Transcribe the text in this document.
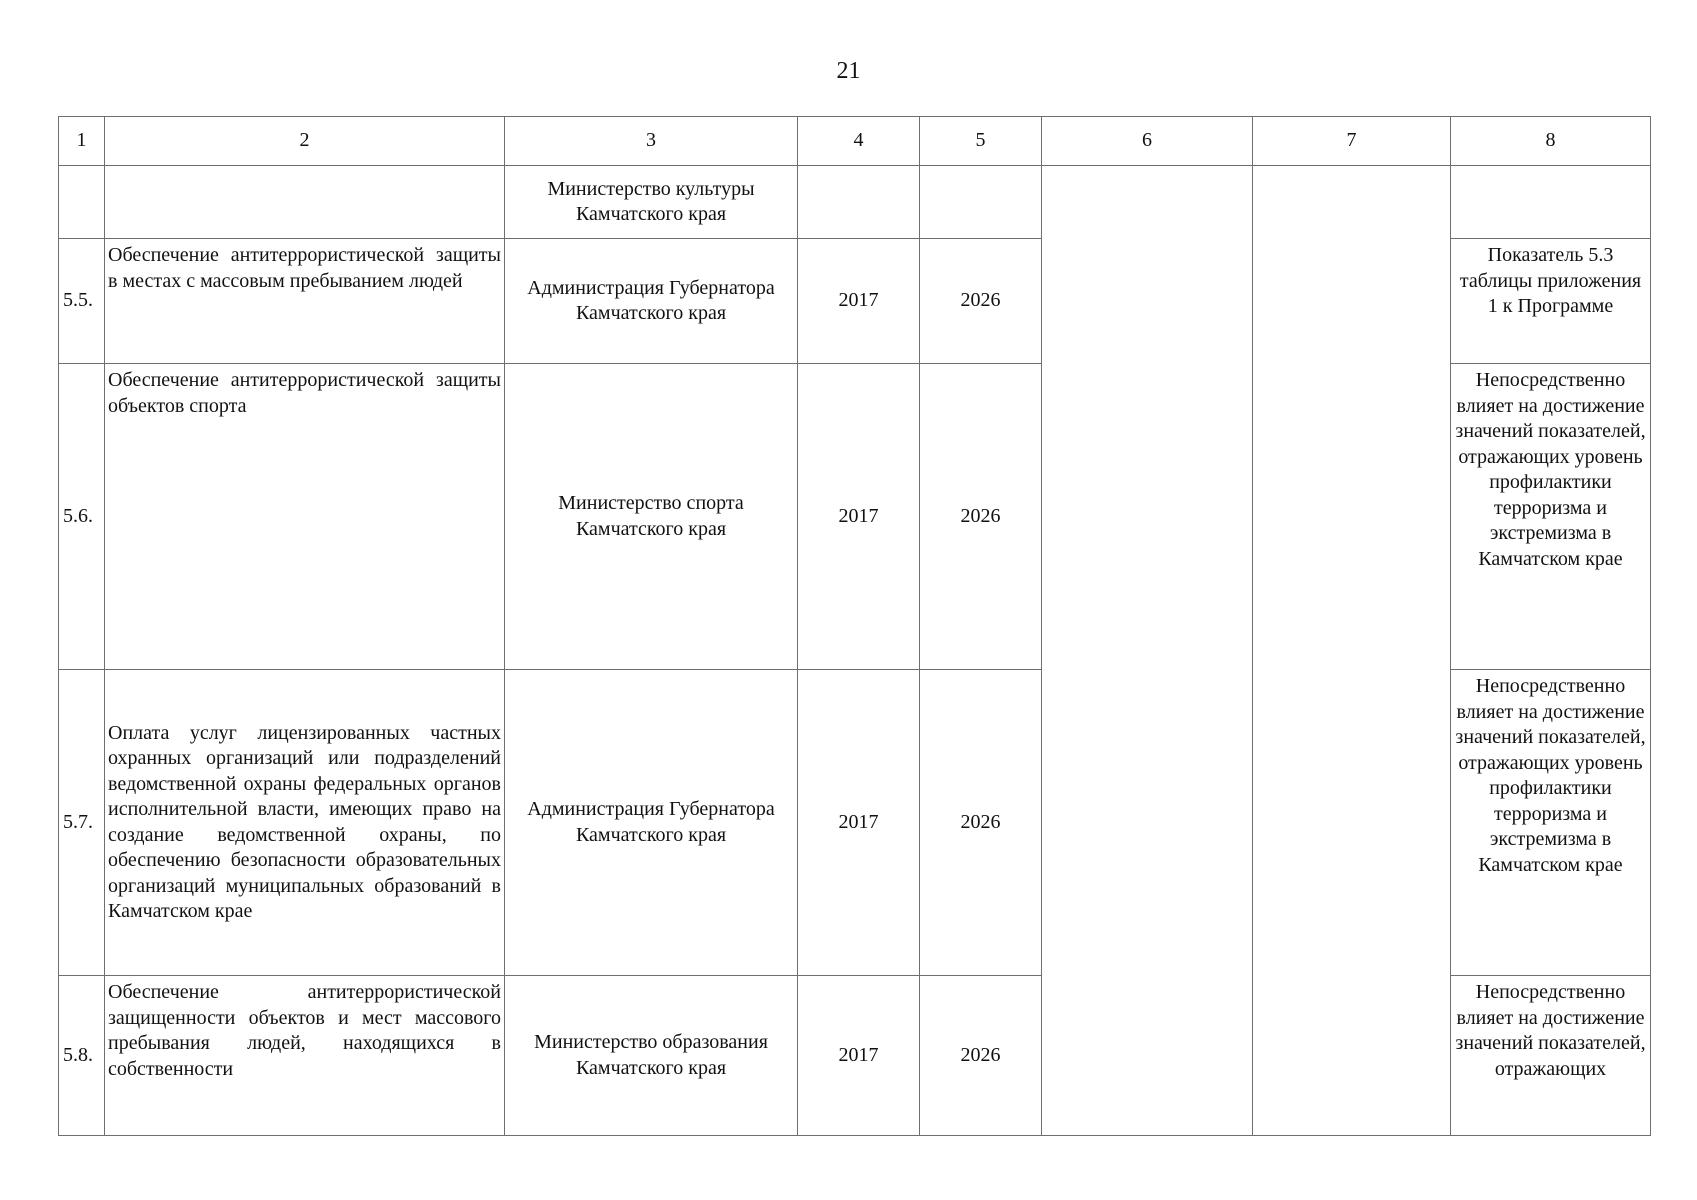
21
1	2	3	4	5	6	7	8
		Министерство культуры Камчатского края					
5.5.	Обеспечение антитеррористической защиты в местах с массовым пребыванием людей	Администрация Губернатора Камчатского края	2017	2026			Показатель 5.3 таблицы приложения 1 к Программе
5.6.	Обеспечение антитеррористической защиты объектов спорта	Министерство спорта Камчатского края	2017	2026			Непосредственно влияет на достижение значений показателей, отражающих уровень профилактики терроризма и экстремизма в Камчатском крае
5.7.	Оплата услуг лицензированных частных охранных организаций или подразделений ведомственной охраны федеральных органов исполнительной власти, имеющих право на создание ведомственной охраны, по обеспечению безопасности образовательных организаций муниципальных образований в Камчатском крае	Администрация Губернатора Камчатского края	2017	2026			Непосредственно влияет на достижение значений показателей, отражающих уровень профилактики терроризма и экстремизма в Камчатском крае
5.8.	Обеспечение антитеррористической защищенности объектов и мест массового пребывания людей, находящихся в собственности	Министерство образования Камчатского края	2017	2026			Непосредственно влияет на достижение значений показателей, отражающих
